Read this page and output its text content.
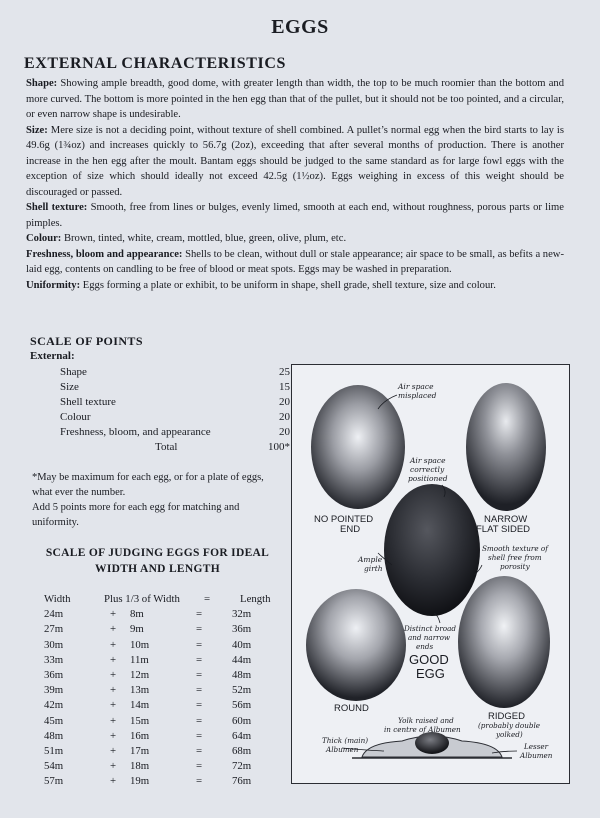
EGGS
EXTERNAL CHARACTERISTICS

Shape: Showing ample breadth, good dome, with greater length than width, the top to be much roomier than the bottom and more curved. The bottom is more pointed in the hen egg than that of the pullet, but it should not be too pointed, and a circular, or even narrow shape is undesirable.

Size: Mere size is not a deciding point, without texture of shell combined. A pullet’s normal egg when the bird starts to lay is 49.6g (1¾oz) and increases quickly to 56.7g (2oz), exceeding that after several months of production. There is another increase in the hen egg after the moult. Bantam eggs should be judged to the same standard as for large fowl eggs with the exception of size which should ideally not exceed 42.5g (1½oz). Eggs weighing in excess of this weight should be discouraged or passed.

Shell texture: Smooth, free from lines or bulges, evenly limed, smooth at each end, without roughness, porous parts or lime pimples.

Colour: Brown, tinted, white, cream, mottled, blue, green, olive, plum, etc.

Freshness, bloom and appearance: Shells to be clean, without dull or stale appearance; air space to be small, as befits a new-laid egg, contents on candling to be free of blood or meat spots. Eggs may be washed in preparation.

Uniformity: Eggs forming a plate or exhibit, to be uniform in shape, shell grade, shell texture, size and colour.

SCALE OF POINTS
External:
Shape	25
Size	15
Shell texture	20
Colour	20
Freshness, bloom, and appearance	20
Total	100*

*May be maximum for each egg, or for a plate of eggs, what ever the number.

Add 5 points more for each egg for matching and uniformity.

SCALE OF JUDGING EGGS FOR IDEAL
WIDTH AND LENGTH
Width	Plus 1/3 of Width	=	Length
24m	+ 8m	=	32m
27m	+ 9m	=	36m
30m	+ 10m	=	40m
33m	+ 11m	=	44m
36m	+ 12m	=	48m
39m	+ 13m	=	52m
42m	+ 14m	=	56m
45m	+ 15m	=	60m
48m	+ 16m	=	64m
51m	+ 17m	=	68m
54m	+ 18m	=	72m
57m	+ 19m	=	76m
Air space
misplaced
Air space
correctly
positioned
NO POINTED
END
NARROW
FLAT SIDED
Ample
girth
Smooth texture of
shell free from
porosity
Distinct broad
and narrow
ends
GOOD
EGG
ROUND
RIDGED
(probably double
yolked)
Yolk raised and
in centre of Albumen
Thick (main)
Albumen	Lesser
Albumen
